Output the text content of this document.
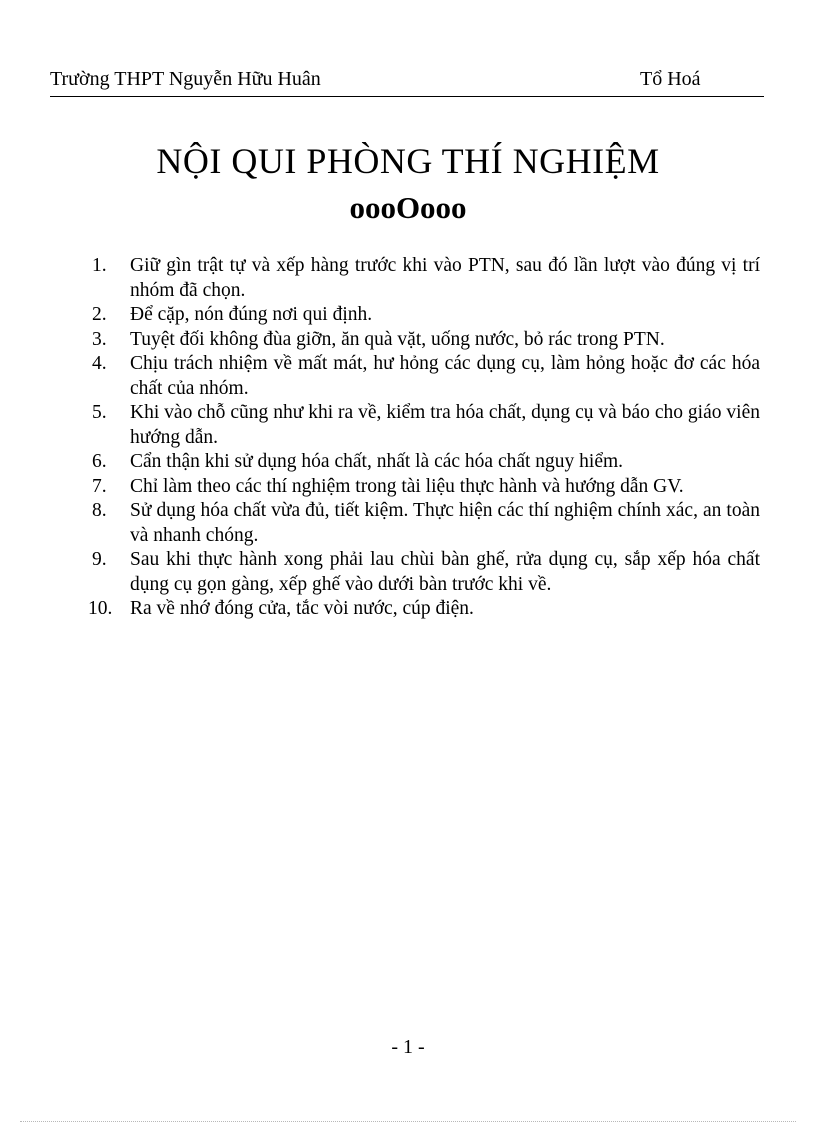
Trường THPT Nguyễn Hữu Huân	Tổ Hoá
NỘI QUI PHÒNG THÍ NGHIỆM
oooOooo
1.	Giữ gìn trật tự và xếp hàng trước khi vào PTN, sau đó lần lượt vào đúng vị trí nhóm đã chọn.
2.	Để cặp, nón đúng nơi qui định.
3.	Tuyệt đối không đùa giỡn, ăn quà vặt, uống nước, bỏ rác trong PTN.
4.	Chịu trách nhiệm về mất mát, hư hỏng các dụng cụ, làm hỏng hoặc đơ các hóa chất của nhóm.
5.	Khi vào chỗ cũng như khi ra về, kiểm tra hóa chất, dụng cụ và báo cho giáo viên hướng dẫn.
6.	Cẩn thận khi sử dụng hóa chất, nhất là các hóa chất nguy hiểm.
7.	Chỉ làm theo các thí nghiệm trong tài liệu thực hành và hướng dẫn GV.
8.	Sử dụng hóa chất vừa đủ, tiết kiệm. Thực hiện các thí nghiệm chính xác, an toàn và nhanh chóng.
9.	Sau khi thực hành xong phải lau chùi bàn ghế, rửa dụng cụ, sắp xếp hóa chất dụng cụ gọn gàng, xếp ghế vào dưới bàn trước khi về.
10. Ra về nhớ đóng cửa, tắc vòi nước, cúp điện.
- 1 -
